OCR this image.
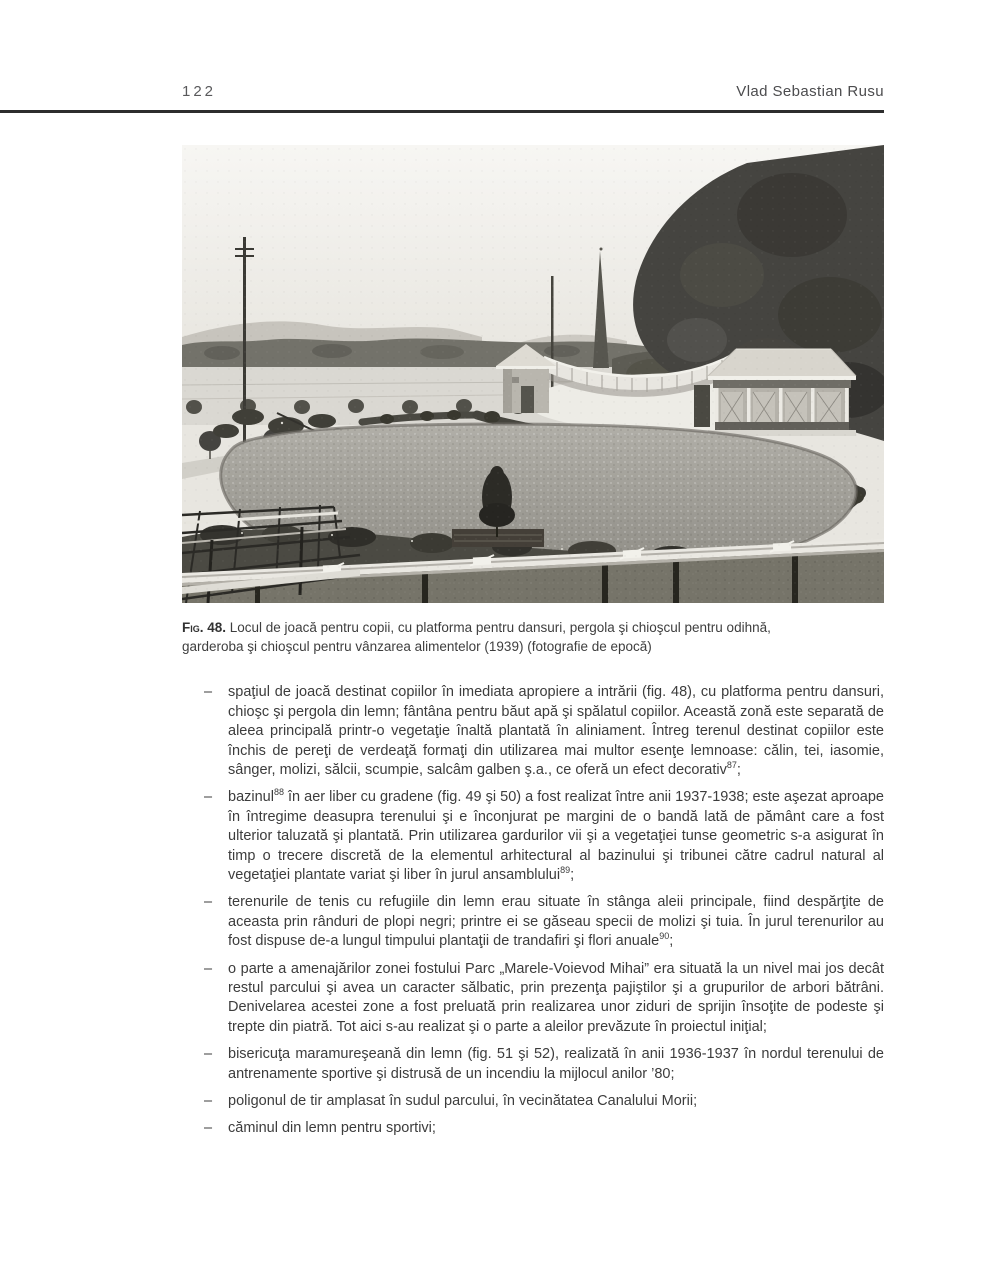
122	Vlad Sebastian Rusu
Fig. 48. Locul de joacă pentru copii, cu platforma pentru dansuri, pergola şi chioşcul pentru odihnă, garderoba şi chioşcul pentru vânzarea alimentelor (1939) (fotografie de epocă)
– spaţiul de joacă destinat copiilor în imediata apropiere a intrării (fig. 48), cu platforma pentru dansuri, chioşc şi pergola din lemn; fântâna pentru băut apă şi spălatul copiilor. Această zonă este separată de aleea principală printr-o vegetaţie înaltă plantată în aliniament. Întreg terenul destinat copiilor este închis de pereţi de verdeaţă formaţi din utilizarea mai multor esenţe lemnoase: călin, tei, iasomie, sânger, molizi, sălcii, scumpie, salcâm galben ş.a., ce oferă un efect decorativ$^{87}$;
– bazinul$^{88}$ în aer liber cu gradene (fig. 49 şi 50) a fost realizat între anii 1937-1938; este aşezat aproape în întregime deasupra terenului şi e înconjurat pe margini de o bandă lată de pământ care a fost ulterior taluzată şi plantată. Prin utilizarea gardurilor vii şi a vegetaţiei tunse geometric s-a asigurat în timp o trecere discretă de la elementul arhitectural al bazinului şi tribunei către cadrul natural al vegetaţiei plantate variat şi liber în jurul ansamblului$^{89}$;
– terenurile de tenis cu refugiile din lemn erau situate în stânga aleii principale, fiind despărţite de aceasta prin rânduri de plopi negri; printre ei se găseau specii de molizi şi tuia. În jurul terenurilor au fost dispuse de-a lungul timpului plantaţii de trandafiri şi flori anuale$^{90}$;
– o parte a amenajărilor zonei fostului Parc „Marele-Voievod Mihai” era situată la un nivel mai jos decât restul parcului şi avea un caracter sălbatic, prin prezenţa pajiştilor şi a grupurilor de arbori bătrâni. Denivelarea acestei zone a fost preluată prin realizarea unor ziduri de sprijin însoţite de podeste şi trepte din piatră. Tot aici s-au realizat şi o parte a aleilor prevăzute în proiectul iniţial;
– bisericuţa maramureşeană din lemn (fig. 51 şi 52), realizată în anii 1936-1937 în nordul terenului de antrenamente sportive şi distrusă de un incendiu la mijlocul anilor ’80;
– poligonul de tir amplasat în sudul parcului, în vecinătatea Canalului Morii;
– căminul din lemn pentru sportivi;
